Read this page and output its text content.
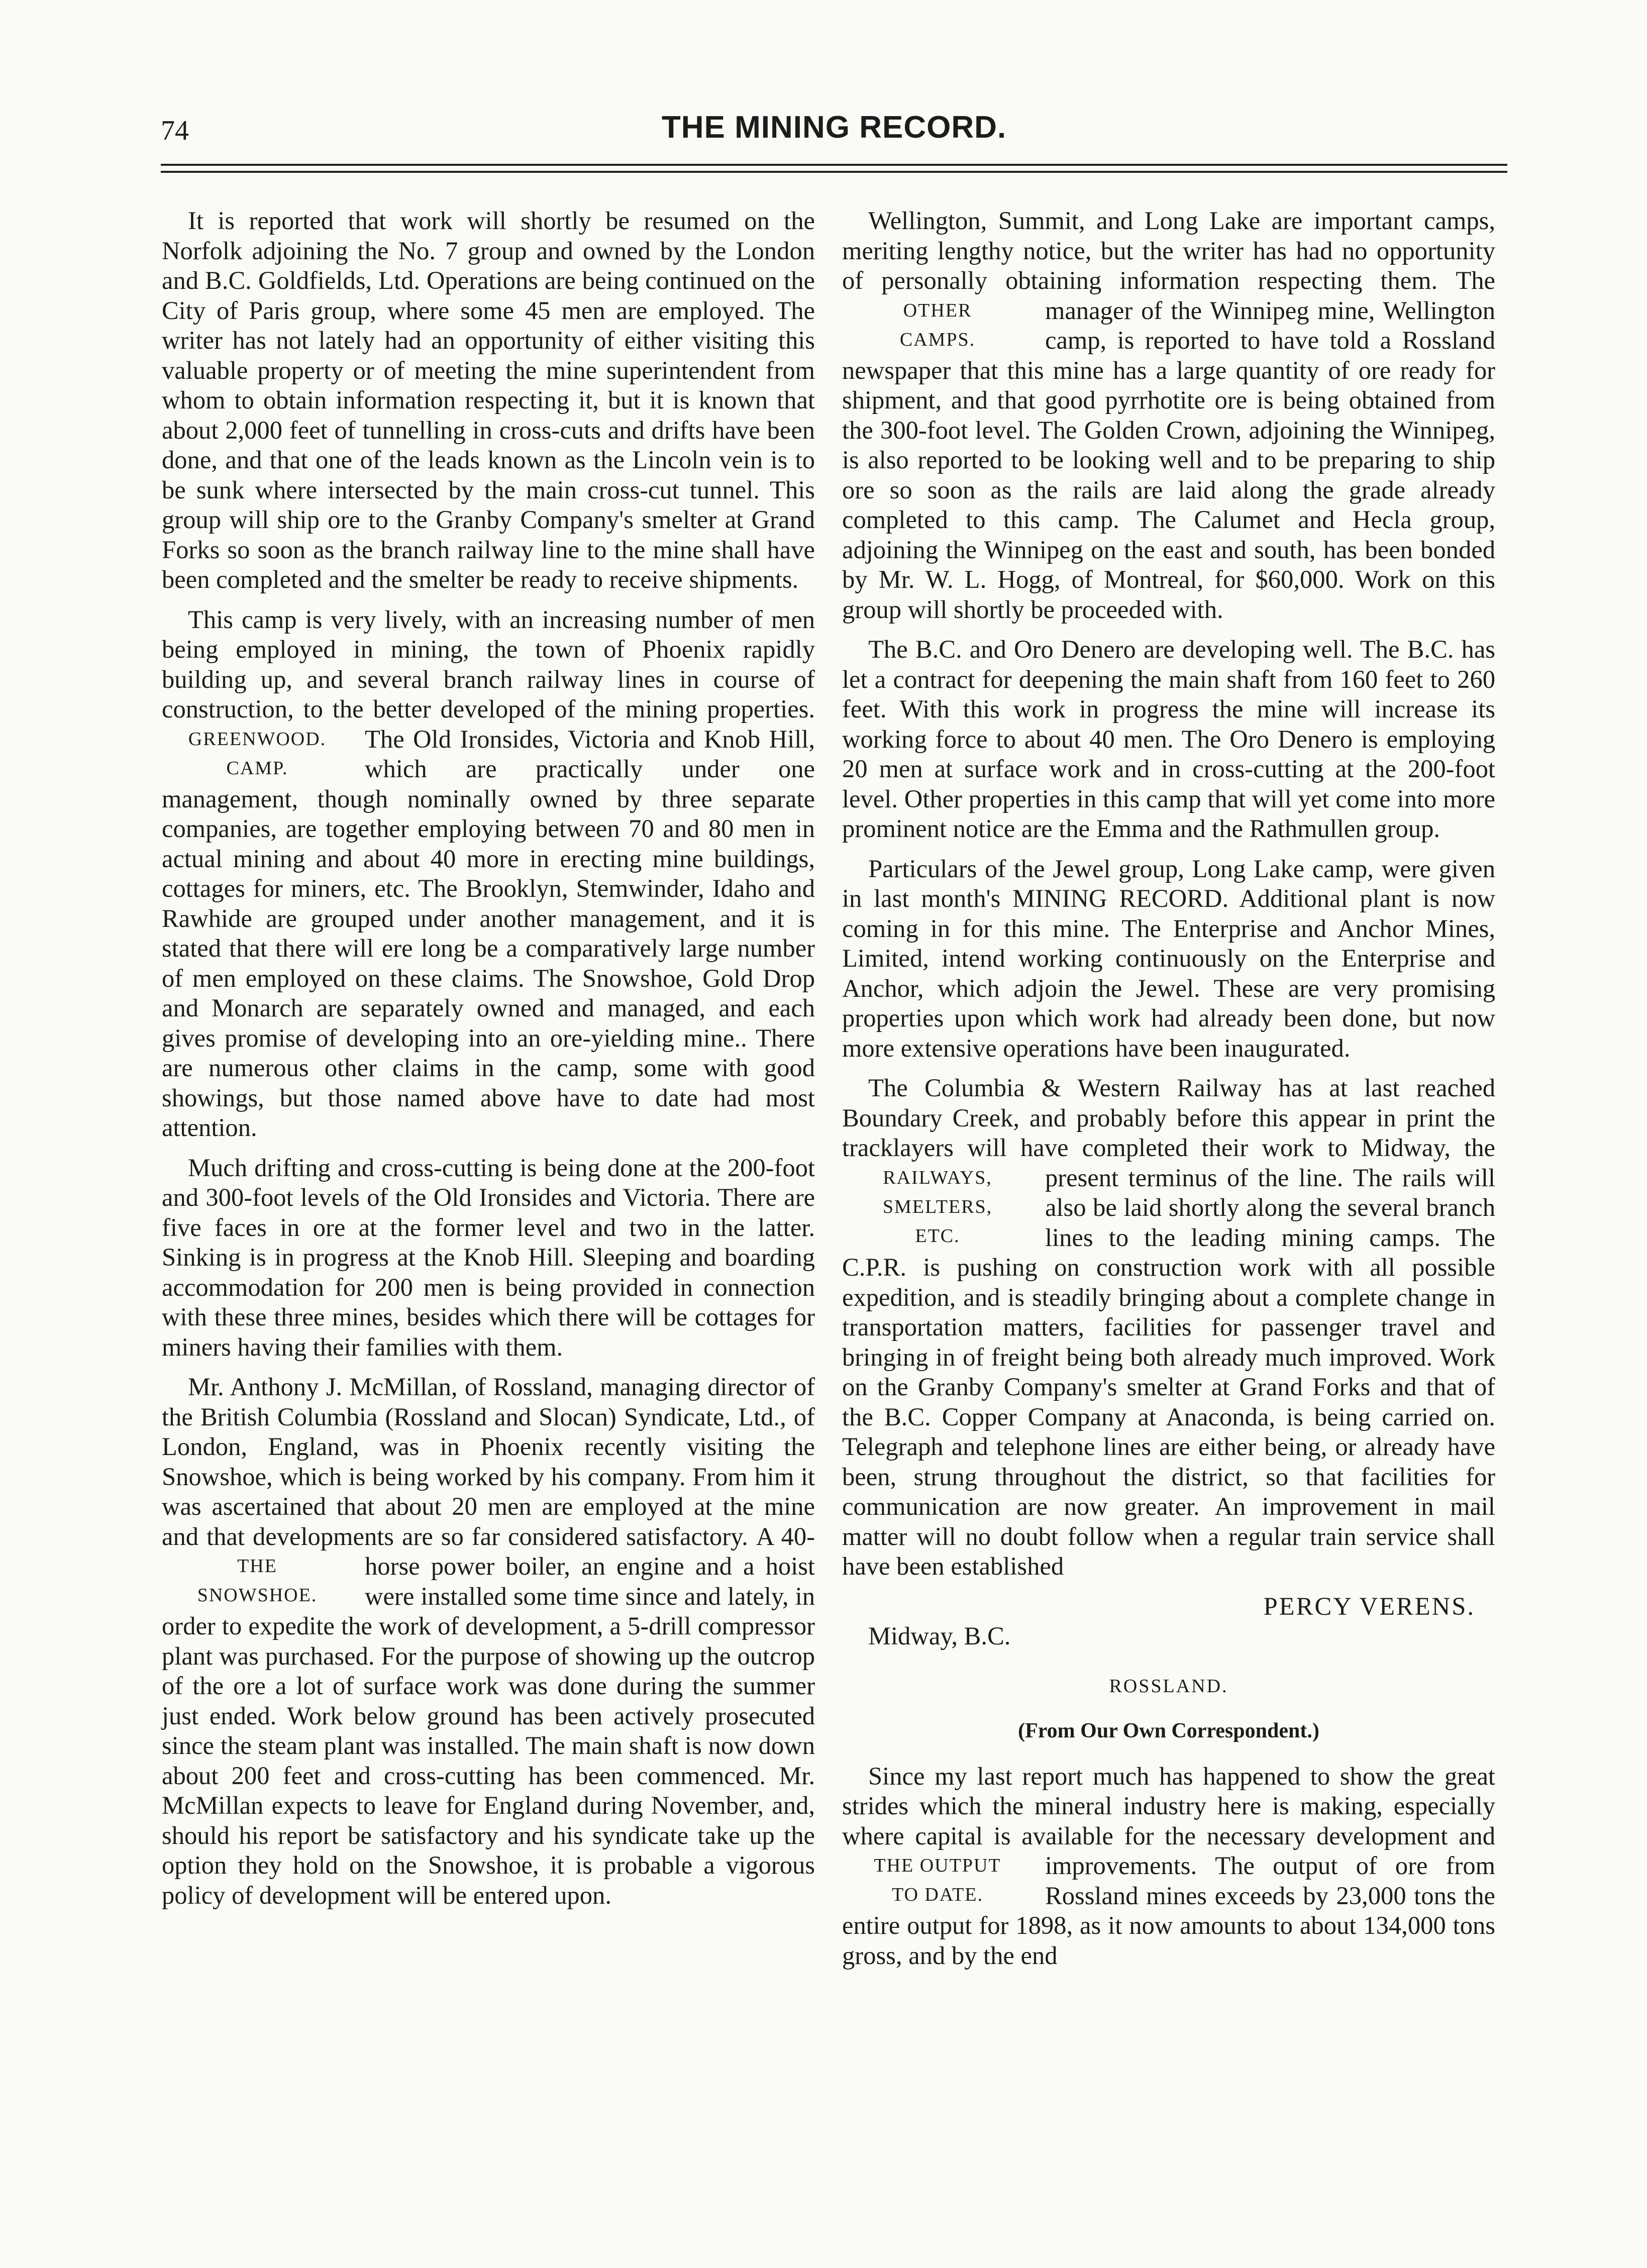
74	THE MINING RECORD.

It is reported that work will shortly be resumed on the Norfolk adjoining the No. 7 group and owned by the London and B.C. Goldfields, Ltd. Operations are being continued on the City of Paris group, where some 45 men are employed. The writer has not lately had an opportunity of either visiting this valuable property or of meeting the mine superintendent from whom to obtain information respecting it, but it is known that about 2,000 feet of tunnelling in cross-cuts and drifts have been done, and that one of the leads known as the Lincoln vein is to be sunk where intersected by the main cross-cut tunnel. This group will ship ore to the Granby Company's smelter at Grand Forks so soon as the branch railway line to the mine shall have been completed and the smelter be ready to receive shipments.

This camp is very lively, with an increasing number of men being employed in mining, the town of Phoenix rapidly building up, and several branch railway lines in course of construction, to the better developed of the mining properties.
GREENWOOD.
CAMP.
The Old Ironsides, Victoria and Knob Hill, which are practically under one management, though nominally owned by three separate companies, are together employing between 70 and 80 men in actual mining and about 40 more in erecting mine buildings, cottages for miners, etc. The Brooklyn, Stemwinder, Idaho and Rawhide are grouped under another management, and it is stated that there will ere long be a comparatively large number of men employed on these claims. The Snowshoe, Gold Drop and Monarch are separately owned and managed, and each gives promise of developing into an ore-yielding mine.. There are numerous other claims in the camp, some with good showings, but those named above have to date had most attention.

Much drifting and cross-cutting is being done at the 200-foot and 300-foot levels of the Old Ironsides and Victoria. There are five faces in ore at the former level and two in the latter. Sinking is in progress at the Knob Hill. Sleeping and boarding accommodation for 200 men is being provided in connection with these three mines, besides which there will be cottages for miners having their families with them.

Mr. Anthony J. McMillan, of Rossland, managing director of the British Columbia (Rossland and Slocan) Syndicate, Ltd., of London, England, was in Phoenix recently visiting the Snowshoe, which is being worked by his company. From him it was ascertained that about 20 men are employed at the mine and that developments are so far considered satisfactory.
THE
SNOWSHOE.
A 40-horse power boiler, an engine and a hoist were installed some time since and lately, in order to expedite the work of development, a 5-drill compressor plant was purchased. For the purpose of showing up the outcrop of the ore a lot of surface work was done during the summer just ended. Work below ground has been actively prosecuted since the steam plant was installed. The main shaft is now down about 200 feet and cross-cutting has been commenced. Mr. McMillan expects to leave for England during November, and, should his report be satisfactory and his syndicate take up the option they hold on the Snowshoe, it is probable a vigorous policy of development will be entered upon.

Wellington, Summit, and Long Lake are important camps, meriting lengthy notice, but the writer has had no opportunity of personally obtaining information respecting them.
OTHER
CAMPS.
The manager of the Winnipeg mine, Wellington camp, is reported to have told a Rossland newspaper that this mine has a large quantity of ore ready for shipment, and that good pyrrhotite ore is being obtained from the 300-foot level. The Golden Crown, adjoining the Winnipeg, is also reported to be looking well and to be preparing to ship ore so soon as the rails are laid along the grade already completed to this camp. The Calumet and Hecla group, adjoining the Winnipeg on the east and south, has been bonded by Mr. W. L. Hogg, of Montreal, for $60,000. Work on this group will shortly be proceeded with.

The B.C. and Oro Denero are developing well. The B.C. has let a contract for deepening the main shaft from 160 feet to 260 feet. With this work in progress the mine will increase its working force to about 40 men. The Oro Denero is employing 20 men at surface work and in cross-cutting at the 200-foot level. Other properties in this camp that will yet come into more prominent notice are the Emma and the Rathmullen group.

Particulars of the Jewel group, Long Lake camp, were given in last month's MINING RECORD. Additional plant is now coming in for this mine. The Enterprise and Anchor Mines, Limited, intend working continuously on the Enterprise and Anchor, which adjoin the Jewel. These are very promising properties upon which work had already been done, but now more extensive operations have been inaugurated.

The Columbia & Western Railway has at last reached Boundary Creek, and probably before this appear in print the tracklayers will have completed their work to Midway, the present terminus of the line.
RAILWAYS,
SMELTERS,
ETC.
The rails will also be laid shortly along the several branch lines to the leading mining camps. The C.P.R. is pushing on construction work with all possible expedition, and is steadily bringing about a complete change in transportation matters, facilities for passenger travel and bringing in of freight being both already much improved. Work on the Granby Company's smelter at Grand Forks and that of the B.C. Copper Company at Anaconda, is being carried on. Telegraph and telephone lines are either being, or already have been, strung throughout the district, so that facilities for communication are now greater. An improvement in mail matter will no doubt follow when a regular train service shall have been established

PERCY VERENS.

Midway, B.C.

ROSSLAND.

(From Our Own Correspondent.)

Since my last report much has happened to show the great strides which the mineral industry here is making, especially where capital is available for the necessary development and improvements.
THE OUTPUT
TO DATE.
The output of ore from Rossland mines exceeds by 23,000 tons the entire output for 1898, as it now amounts to about 134,000 tons gross, and by the end
